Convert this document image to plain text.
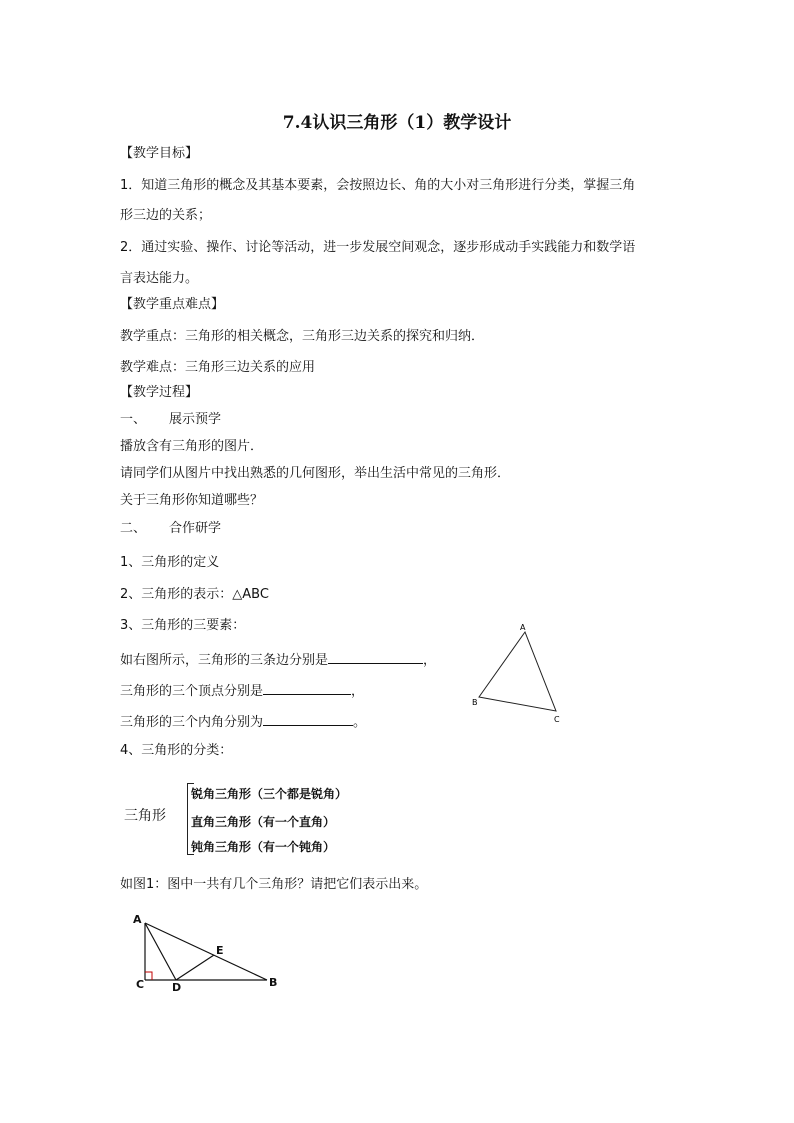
7.4认识三角形（1）教学设计
【教学目标】
1．知道三角形的概念及其基本要素，会按照边长、角的大小对三角形进行分类，掌握三角
形三边的关系；
2．通过实验、操作、讨论等活动，进一步发展空间观念，逐步形成动手实践能力和数学语
言表达能力。
【教学重点难点】
教学重点：三角形的相关概念，三角形三边关系的探究和归纳．
教学难点：三角形三边关系的应用
【教学过程】
一、 展示预学
播放含有三角形的图片．
请同学们从图片中找出熟悉的几何图形，举出生活中常见的三角形．
关于三角形你知道哪些？
二、 合作研学
1、三角形的定义
2、三角形的表示：△ABC
3、三角形的三要素：
如右图所示，三角形的三条边分别是	，
三角形的三个顶点分别是	，
三角形的三个内角分别为	。
A
B
C
4、三角形的分类：
三角形
锐角三角形（三个都是锐角）
直角三角形（有一个直角）
钝角三角形（有一个钝角）
如图1：图中一共有几个三角形？请把它们表示出来。
A
C	D
E
B
